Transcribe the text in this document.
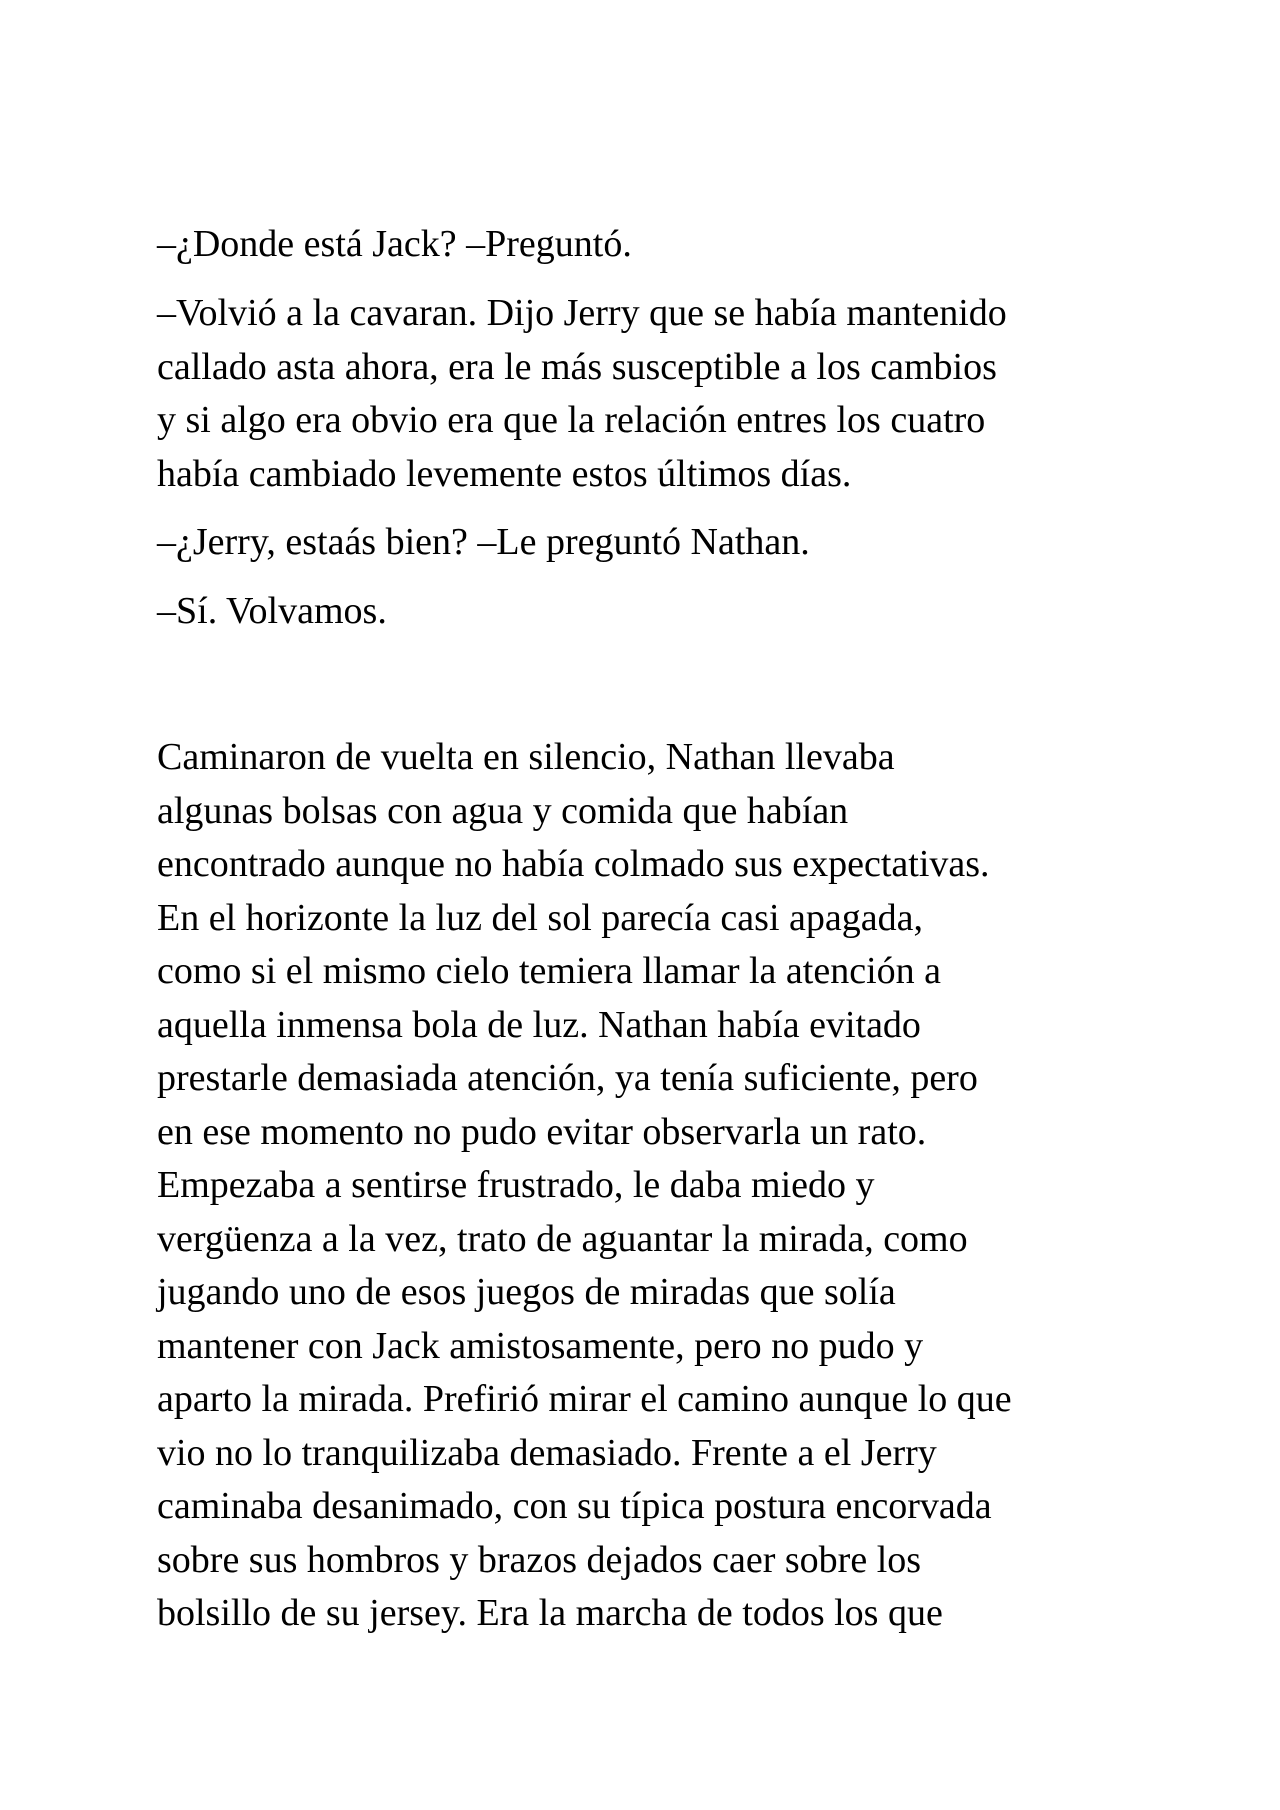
–¿Donde está Jack? –Preguntó.

–Volvió a la cavaran. Dijo Jerry que se había mantenido
callado asta ahora, era le más susceptible a los cambios
y si algo era obvio era que la relación entres los cuatro
había cambiado levemente estos últimos días.

–¿Jerry, estaás bien? –Le preguntó Nathan.

–Sí. Volvamos.

Caminaron de vuelta en silencio, Nathan llevaba
algunas bolsas con agua y comida que habían
encontrado aunque no había colmado sus expectativas.
En el horizonte la luz del sol parecía casi apagada,
como si el mismo cielo temiera llamar la atención a
aquella inmensa bola de luz. Nathan había evitado
prestarle demasiada atención, ya tenía suficiente, pero
en ese momento no pudo evitar observarla un rato.
Empezaba a sentirse frustrado, le daba miedo y
vergüenza a la vez, trato de aguantar la mirada, como
jugando uno de esos juegos de miradas que solía
mantener con Jack amistosamente, pero no pudo y
aparto la mirada. Prefirió mirar el camino aunque lo que
vio no lo tranquilizaba demasiado. Frente a el Jerry
caminaba desanimado, con su típica postura encorvada
sobre sus hombros y brazos dejados caer sobre los
bolsillo de su jersey. Era la marcha de todos los que
